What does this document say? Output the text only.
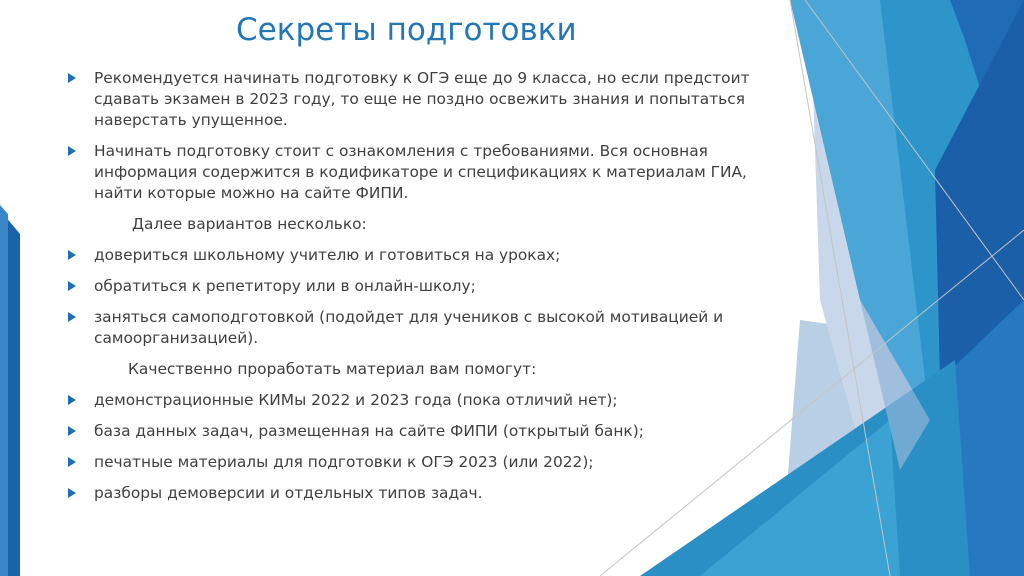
Секреты подготовки

Рекомендуется начинать подготовку к ОГЭ еще до 9 класса, но если предстоит сдавать экзамен в 2023 году, то еще не поздно освежить знания и попытаться наверстать упущенное.

Начинать подготовку стоит с ознакомления с требованиями. Вся основная информация содержится в кодификаторе и спецификациях к материалам ГИА, найти которые можно на сайте ФИПИ.

Далее вариантов несколько:

довериться школьному учителю и готовиться на уроках;

обратиться к репетитору или в онлайн-школу;

заняться самоподготовкой (подойдет для учеников с высокой мотивацией и самоорганизацией).

Качественно проработать материал вам помогут:

демонстрационные КИМы 2022 и 2023 года (пока отличий нет);

база данных задач, размещенная на сайте ФИПИ (открытый банк);

печатные материалы для подготовки к ОГЭ 2023 (или 2022);

разборы демоверсии и отдельных типов задач.
